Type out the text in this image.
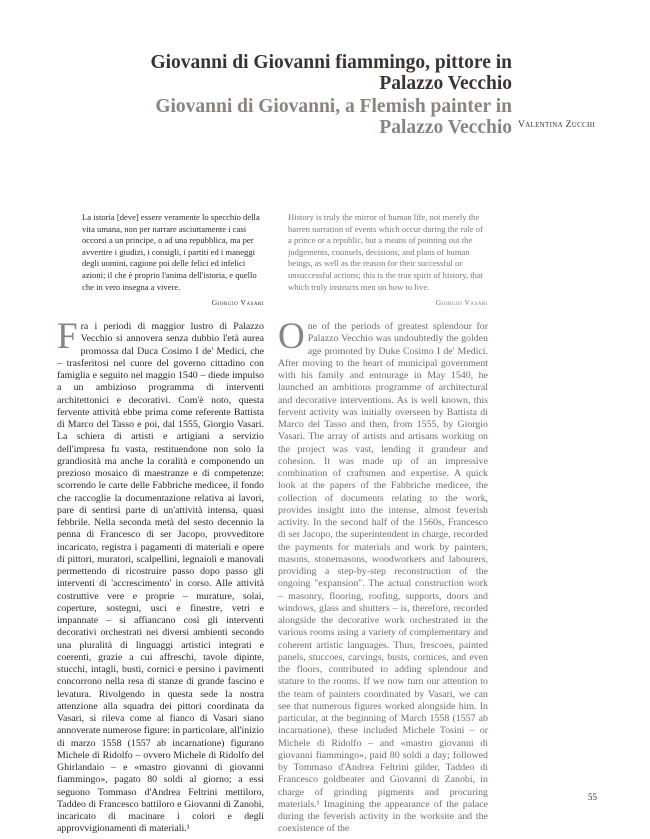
Giovanni di Giovanni fiammingo, pittore in Palazzo Vecchio
Giovanni di Giovanni, a Flemish painter in Palazzo Vecchio Valentina Zucchi

La istoria [deve] essere veramente lo specchio della vita umana, non per narrare asciuttamente i casi occorsi a un principe, o ad una repubblica, ma per avvertire i giudizi, i consigli, i partiti ed i maneggi degli uomini, cagione poi delle felici ed infelici azioni; il che è proprio l'anima dell'istoria, e quello che in vero insegna a vivere.

Giorgio Vasari

History is truly the mirror of human life, not merely the barren narration of events which occur during the rule of a prince or a republic, but a means of pointing out the judgements, counsels, decisions, and plans of human beings, as well as the reason for their successful or unsuccessful actions; this is the true spirit of history, that which truly instructs men on how to live.

Giorgio Vasari

F ra i periodi di maggior lustro di Palazzo Vecchio si annovera senza dubbio l'età aurea promossa dal Duca Cosimo I de' Medici, che – trasferitosi nel cuore del governo cittadino con famiglia e seguito nel maggio 1540 – diede impulso a un ambizioso programma di interventi architettonici e decorativi. Com'è noto, questa fervente attività ebbe prima come referente Battista di Marco del Tasso e poi, dal 1555, Giorgio Vasari. La schiera di artisti e artigiani a servizio dell'impresa fu vasta, restituendone non solo la grandiosità ma anche la coralità e componendo un prezioso mosaico di maestranze e di competenze: scorrendo le carte delle Fabbriche medicee, il fondo che raccoglie la documentazione relativa ai lavori, pare di sentirsi parte di un'attività intensa, quasi febbrile. Nella seconda metà del sesto decennio la penna di Francesco di ser Jacopo, provveditore incaricato, registra i pagamenti di materiali e opere di pittori, muratori, scalpellini, legnaioli e manovali permettendo di ricostruire passo dopo passo gli interventi di 'accrescimento' in corso. Alle attività costruttive vere e proprie – murature, solai, coperture, sostegni, usci e finestre, vetri e impannate – si affiancano così gli interventi decorativi orchestrati nei diversi ambienti secondo una pluralità di linguaggi artistici integrati e coerenti, grazie a cui affreschi, tavole dipinte, stucchi, intagli, busti, cornici e persino i pavimenti concorrono nella resa di stanze di grande fascino e levatura. Rivolgendo in questa sede la nostra attenzione alla squadra dei pittori coordinata da Vasari, si rileva come al fianco di Vasari siano annoverate numerose figure: in particolare, all'inizio di marzo 1558 (1557 ab incarnatione) figurano Michele di Ridolfo – ovvero Michele di Ridolfo del Ghirlandaio – e «mastro giovanni di giovanni fiammingo», pagato 80 soldi al giorno; a essi seguono Tommaso d'Andrea Feltrini mettiloro, Taddeo di Francesco battiloro e Giovanni di Zanobi, incaricato di macinare i colori e degli approvvigionamenti di materiali.¹
O ne of the periods of greatest splendour for Palazzo Vecchio was undoubtedly the golden age promoted by Duke Cosimo I de' Medici. After moving to the heart of municipal government with his family and entourage in May 1540, he launched an ambitious programme of architectural and decorative interventions. As is well known, this fervent activity was initially overseen by Battista di Marco del Tasso and then, from 1555, by Giorgio Vasari. The array of artists and artisans working on the project was vast, lending it grandeur and cohesion. It was made up of an impressive combination of craftsmen and expertise. A quick look at the papers of the Fabbriche medicee, the collection of documents relating to the work, provides insight into the intense, almost feverish activity. In the second half of the 1560s, Francesco di ser Jacopo, the superintendent in charge, recorded the payments for materials and work by painters, masons, stonemasons, woodworkers and labourers, providing a step-by-step reconstruction of the ongoing "expansion". The actual construction work – masonry, flooring, roofing, supports, doors and windows, glass and shutters – is, therefore, recorded alongside the decorative work orchestrated in the various rooms using a variety of complementary and coherent artistic languages. Thus, frescoes, painted panels, stuccoes, carvings, busts, cornices, and even the floors, contributed to adding splendour and stature to the rooms. If we now turn our attention to the team of painters coordinated by Vasari, we can see that numerous figures worked alongside him. In particular, at the beginning of March 1558 (1557 ab incarnatione), these included Michele Tosini – or Michele di Ridolfo – and «mastro giovanni di giovanni fiammingo», paid 80 soldi a day; followed by Tommaso d'Andrea Feltrini gilder, Taddeo di Francesco goldbeater and Giovanni di Zanobi, in charge of grinding pigments and procuring materials.¹ Imagining the appearance of the palace during the feverish activity in the worksite and the coexistence of the
55
